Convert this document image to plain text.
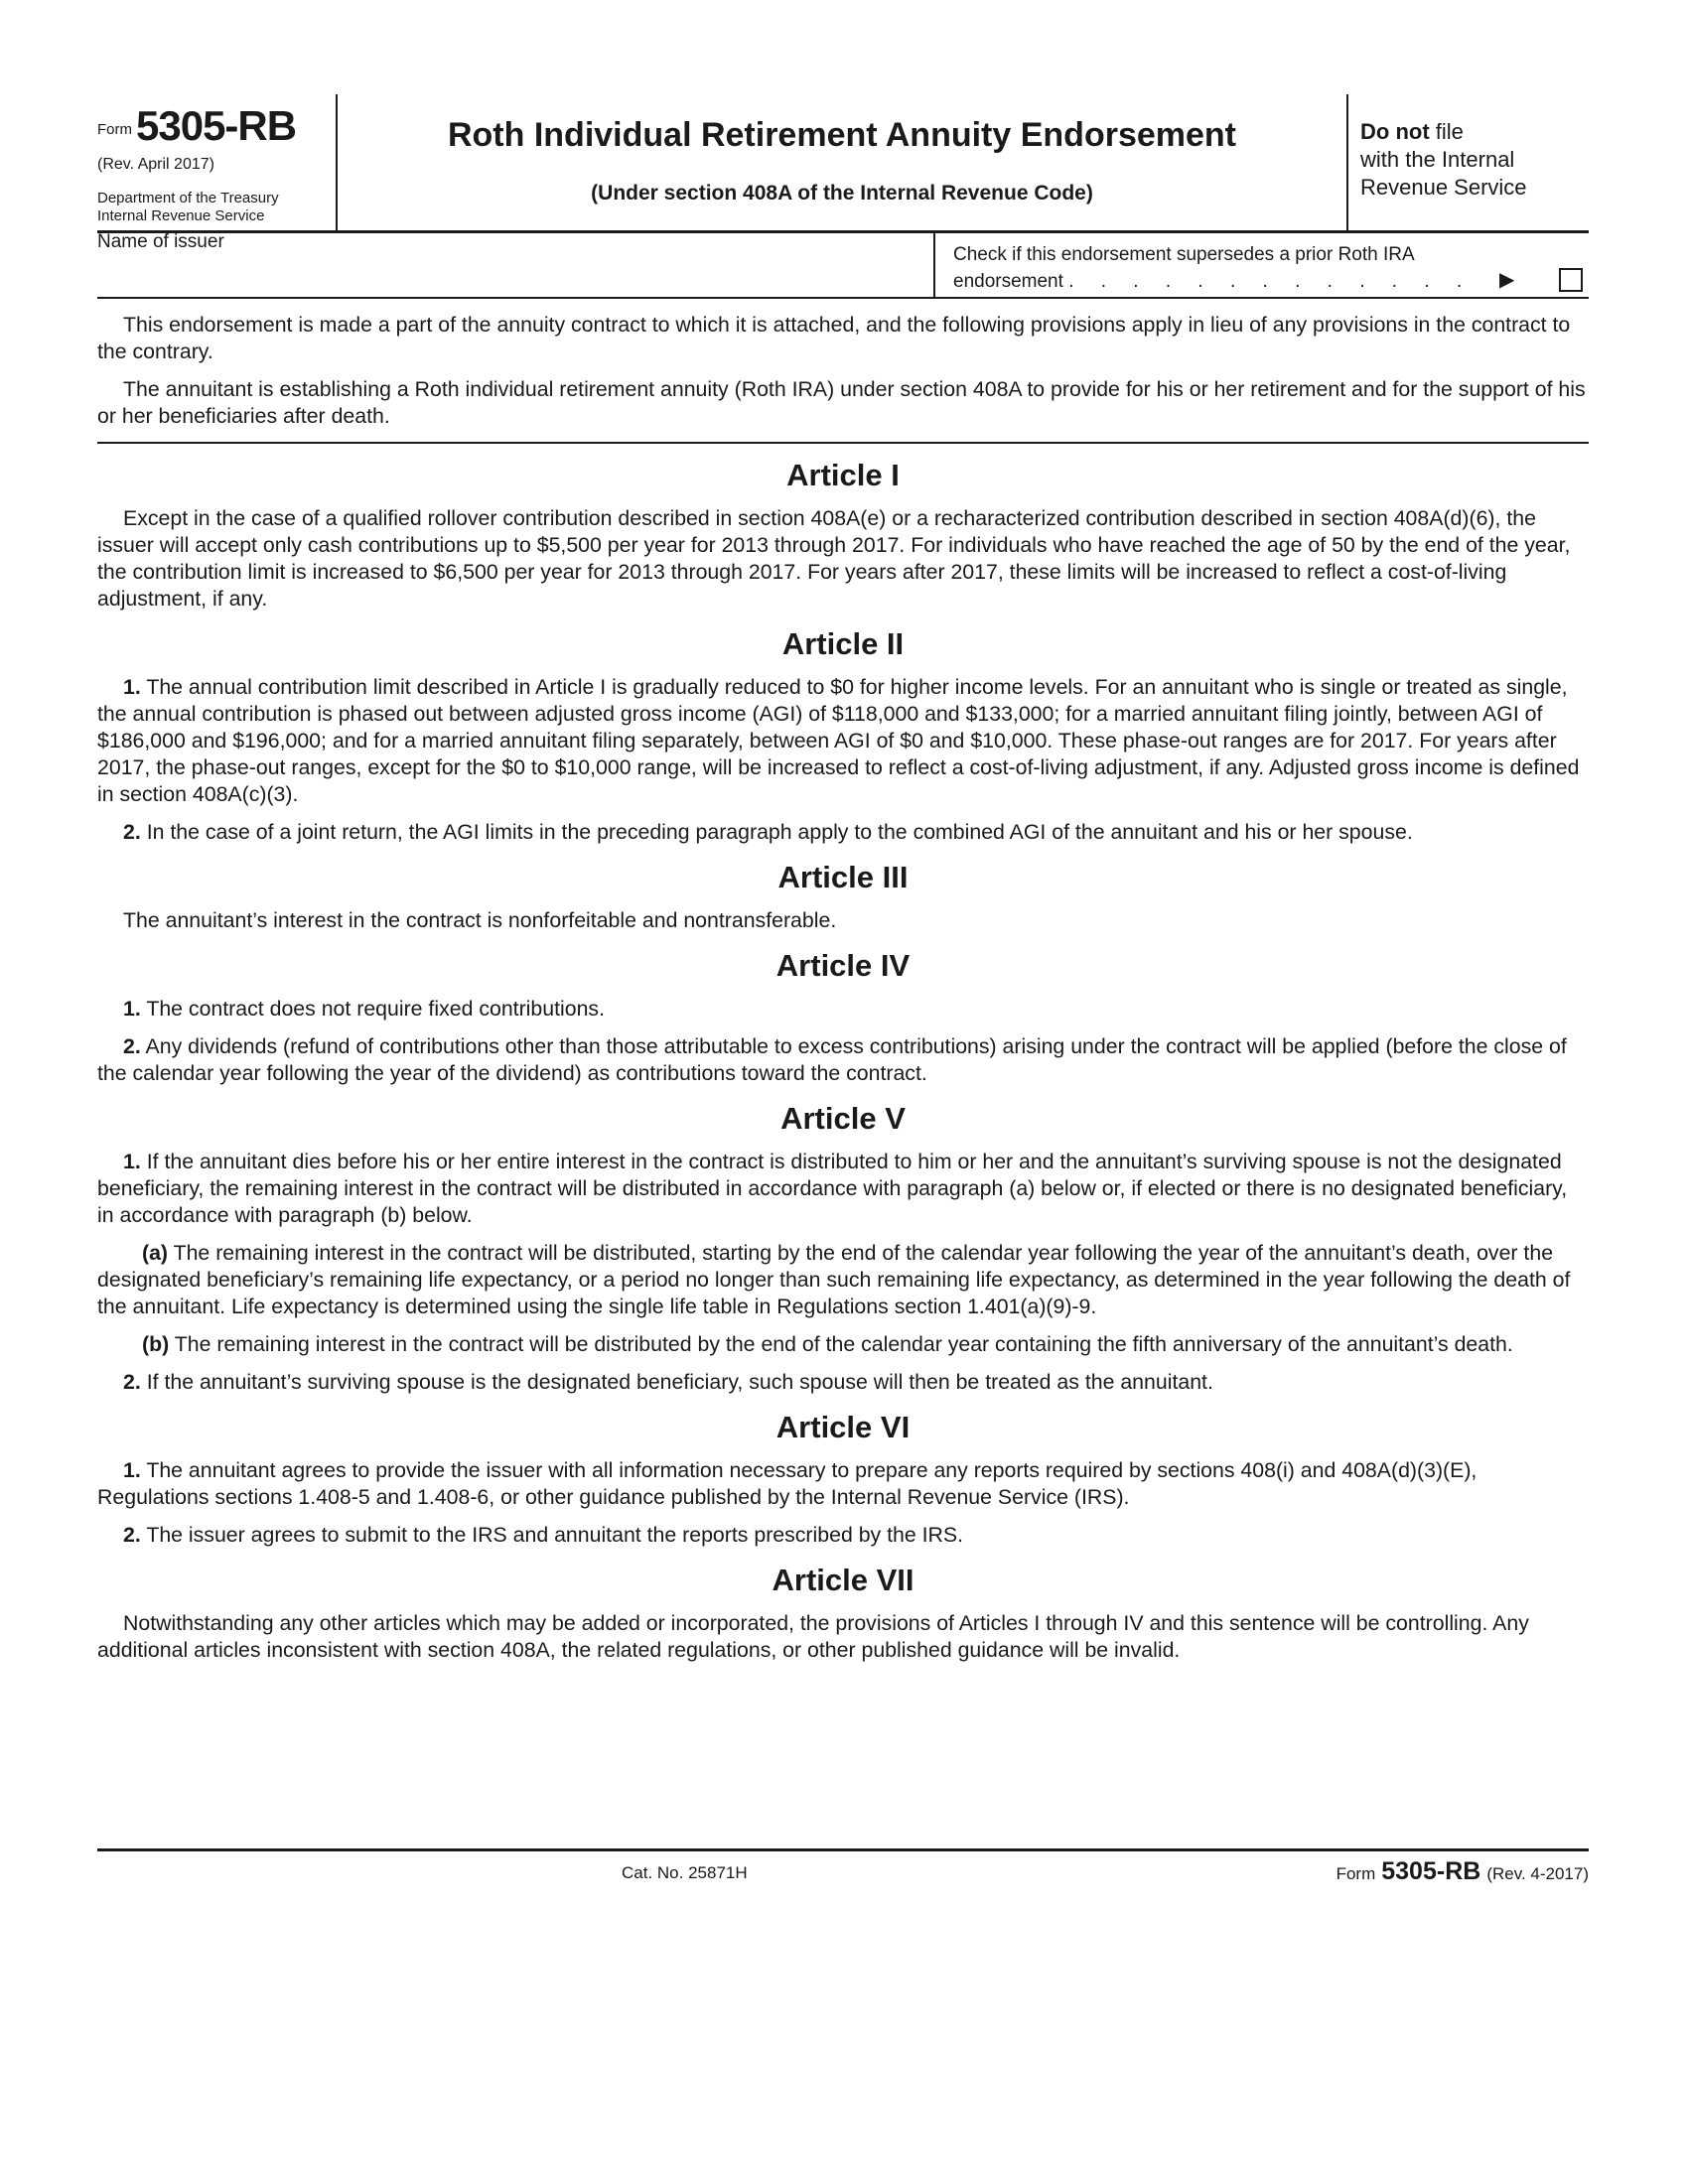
Form5305-RB
(Rev. April 2017)
Department of the Treasury
Internal Revenue Service
Roth Individual Retirement Annuity Endorsement
(Under section 408A of the Internal Revenue Code)
Do not file
with the Internal
Revenue Service
Name of issuer
Check if this endorsement supersedes a prior Roth IRA
endorsement . . . . . . . . . . . . .	▶

This endorsement is made a part of the annuity contract to which it is attached, and the following provisions apply in lieu of any provisions in the contract to the contrary.

The annuitant is establishing a Roth individual retirement annuity (Roth IRA) under section 408A to provide for his or her retirement and for the support of his or her beneficiaries after death.

Article I

Except in the case of a qualified rollover contribution described in section 408A(e) or a recharacterized contribution described in section 408A(d)(6), the issuer will accept only cash contributions up to $5,500 per year for 2013 through 2017. For individuals who have reached the age of 50 by the end of the year, the contribution limit is increased to $6,500 per year for 2013 through 2017. For years after 2017, these limits will be increased to reflect a cost-of-living adjustment, if any.

Article II

1. The annual contribution limit described in Article I is gradually reduced to $0 for higher income levels. For an annuitant who is single or treated as single, the annual contribution is phased out between adjusted gross income (AGI) of $118,000 and $133,000; for a married annuitant filing jointly, between AGI of $186,000 and $196,000; and for a married annuitant filing separately, between AGI of $0 and $10,000. These phase-out ranges are for 2017. For years after 2017, the phase-out ranges, except for the $0 to $10,000 range, will be increased to reflect a cost-of-living adjustment, if any. Adjusted gross income is defined in section 408A(c)(3).

2. In the case of a joint return, the AGI limits in the preceding paragraph apply to the combined AGI of the annuitant and his or her spouse.

Article III

The annuitant’s interest in the contract is nonforfeitable and nontransferable.

Article IV

1. The contract does not require fixed contributions.

2. Any dividends (refund of contributions other than those attributable to excess contributions) arising under the contract will be applied (before the close of the calendar year following the year of the dividend) as contributions toward the contract.

Article V

1. If the annuitant dies before his or her entire interest in the contract is distributed to him or her and the annuitant’s surviving spouse is not the designated beneficiary, the remaining interest in the contract will be distributed in accordance with paragraph (a) below or, if elected or there is no designated beneficiary, in accordance with paragraph (b) below.

(a) The remaining interest in the contract will be distributed, starting by the end of the calendar year following the year of the annuitant’s death, over the designated beneficiary’s remaining life expectancy, or a period no longer than such remaining life expectancy, as determined in the year following the death of the annuitant. Life expectancy is determined using the single life table in Regulations section 1.401(a)(9)-9.

(b) The remaining interest in the contract will be distributed by the end of the calendar year containing the fifth anniversary of the annuitant’s death.

2. If the annuitant’s surviving spouse is the designated beneficiary, such spouse will then be treated as the annuitant.

Article VI

1. The annuitant agrees to provide the issuer with all information necessary to prepare any reports required by sections 408(i) and 408A(d)(3)(E), Regulations sections 1.408-5 and 1.408-6, or other guidance published by the Internal Revenue Service (IRS).

2. The issuer agrees to submit to the IRS and annuitant the reports prescribed by the IRS.

Article VII

Notwithstanding any other articles which may be added or incorporated, the provisions of Articles I through IV and this sentence will be controlling. Any additional articles inconsistent with section 408A, the related regulations, or other published guidance will be invalid.

Cat. No. 25871H	Form 5305-RB (Rev. 4-2017)
